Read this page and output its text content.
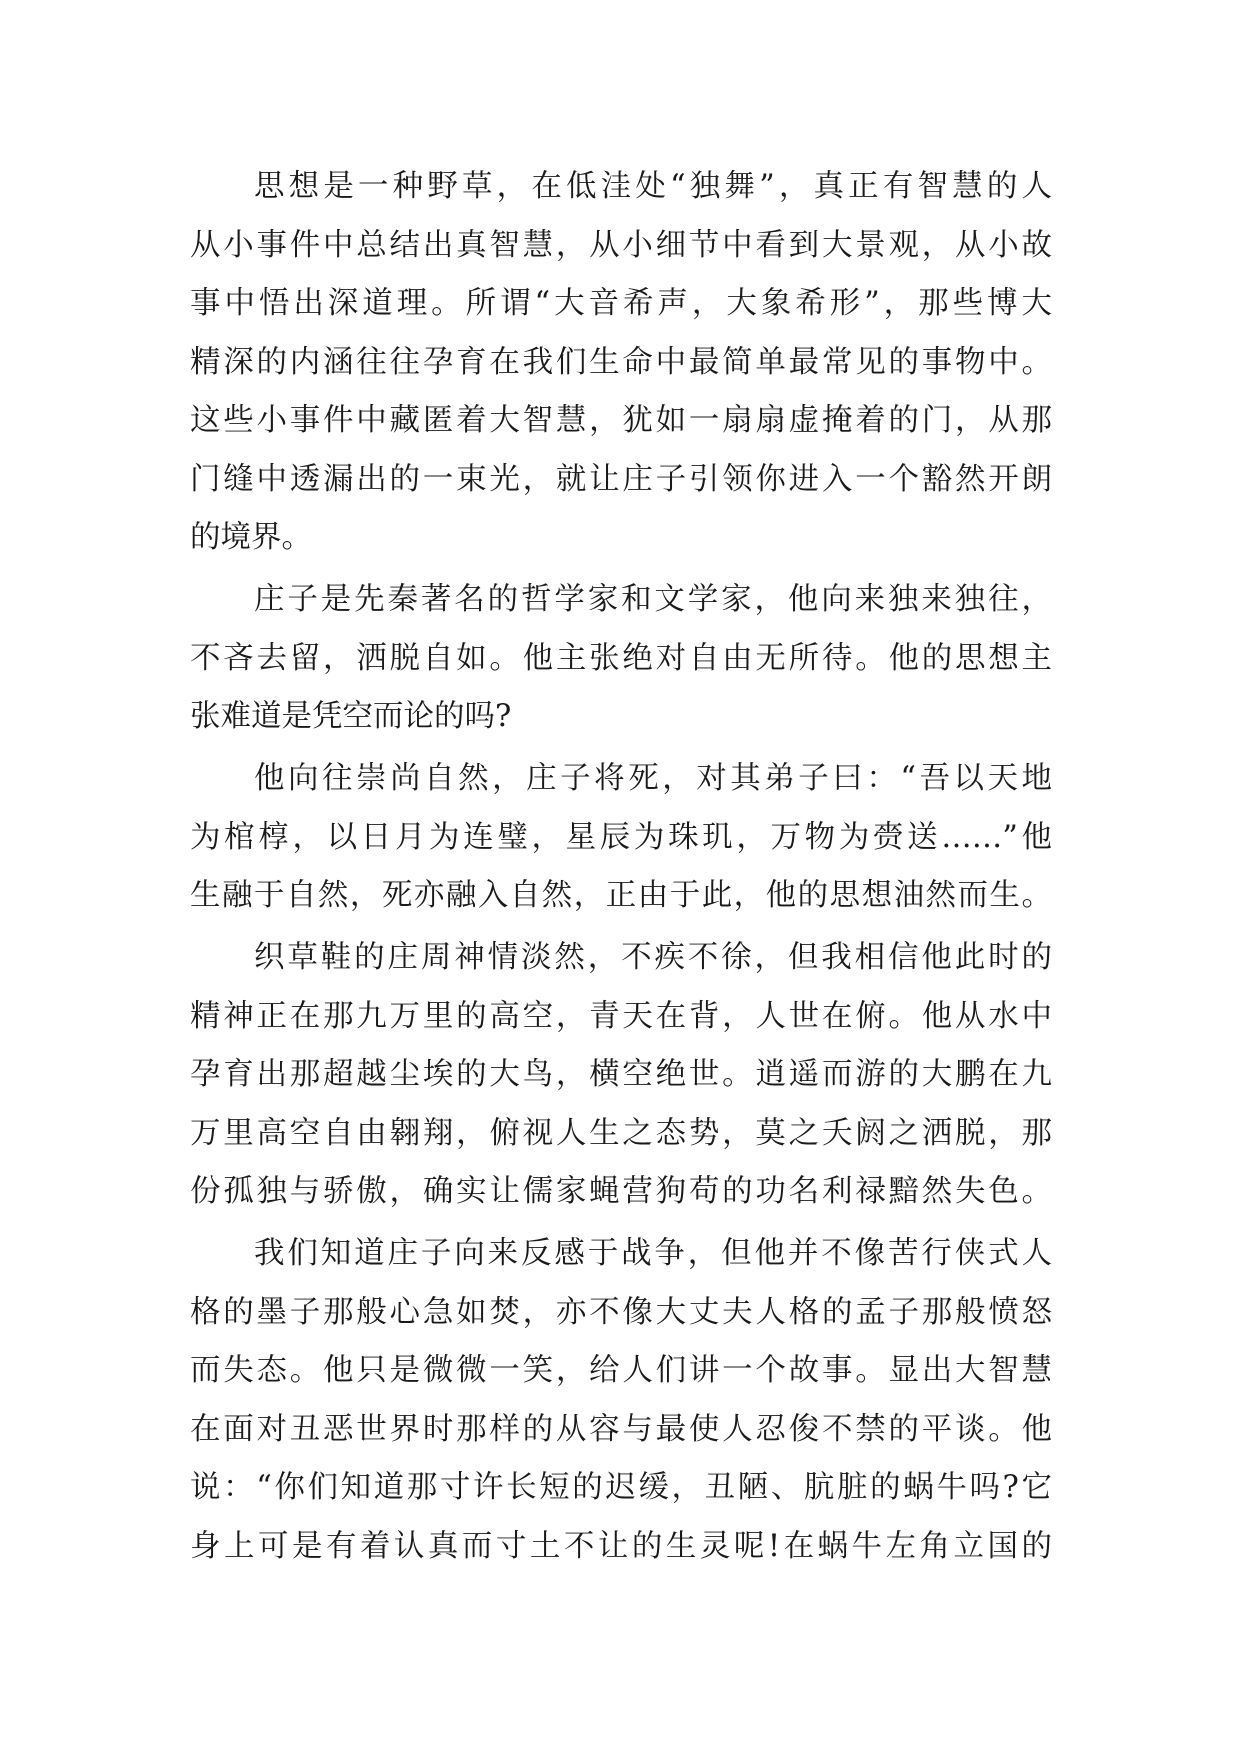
思想是一种野草，在低洼处“独舞”，真正有智慧的人
从小事件中总结出真智慧，从小细节中看到大景观，从小故
事中悟出深道理。所谓“大音希声，大象希形”，那些博大
精深的内涵往往孕育在我们生命中最简单最常见的事物中。
这些小事件中藏匿着大智慧，犹如一扇扇虚掩着的门，从那
门缝中透漏出的一束光，就让庄子引领你进入一个豁然开朗
的境界。
庄子是先秦著名的哲学家和文学家，他向来独来独往，
不吝去留，洒脱自如。他主张绝对自由无所待。他的思想主
张难道是凭空而论的吗?
他向往崇尚自然，庄子将死，对其弟子曰：“吾以天地
为棺椁，以日月为连璧，星辰为珠玑，万物为赍送……”他
生融于自然，死亦融入自然，正由于此，他的思想油然而生。
织草鞋的庄周神情淡然，不疾不徐，但我相信他此时的
精神正在那九万里的高空，青天在背，人世在俯。他从水中
孕育出那超越尘埃的大鸟，横空绝世。逍遥而游的大鹏在九
万里高空自由翱翔，俯视人生之态势，莫之夭阏之洒脱，那
份孤独与骄傲，确实让儒家蝇营狗苟的功名利禄黯然失色。
我们知道庄子向来反感于战争，但他并不像苦行侠式人
格的墨子那般心急如焚，亦不像大丈夫人格的孟子那般愤怒
而失态。他只是微微一笑，给人们讲一个故事。显出大智慧
在面对丑恶世界时那样的从容与最使人忍俊不禁的平谈。他
说：“你们知道那寸许长短的迟缓，丑陋、肮脏的蜗牛吗?它
身上可是有着认真而寸土不让的生灵呢!在蜗牛左角立国的
